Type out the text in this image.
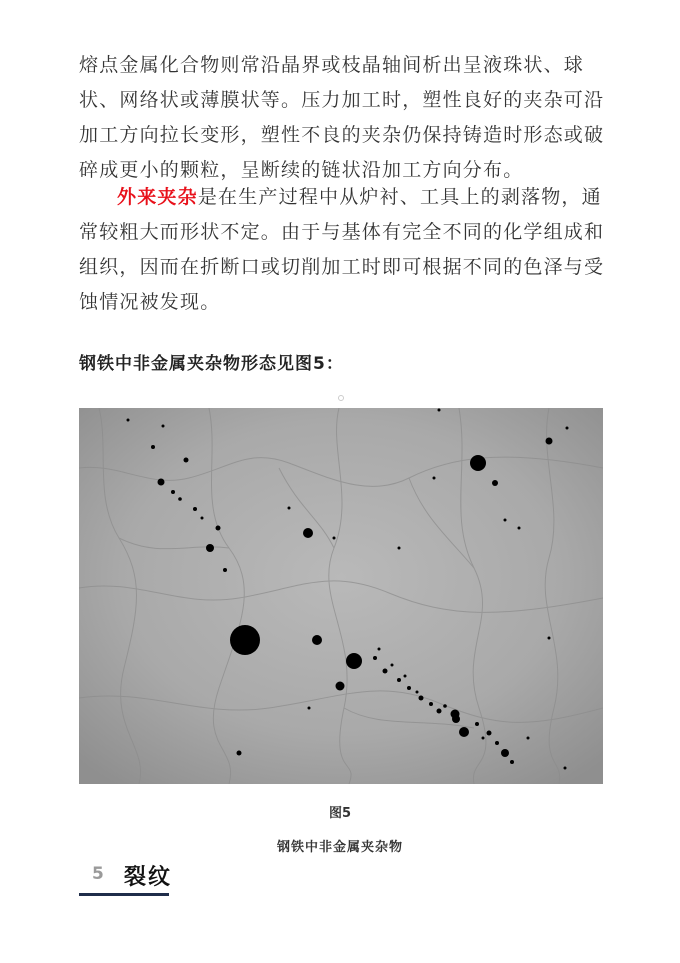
熔点金属化合物则常沿晶界或枝晶轴间析出呈液珠状、球
状、网络状或薄膜状等。压力加工时，塑性良好的夹杂可沿
加工方向拉长变形，塑性不良的夹杂仍保持铸造时形态或破
碎成更小的颗粒，呈断续的链状沿加工方向分布。
外来夹杂是在生产过程中从炉衬、工具上的剥落物，通
常较粗大而形状不定。由于与基体有完全不同的化学组成和
组织，因而在折断口或切削加工时即可根据不同的色泽与受
蚀情况被发现。
钢铁中非金属夹杂物形态见图5：
图5
钢铁中非金属夹杂物
5 裂纹
